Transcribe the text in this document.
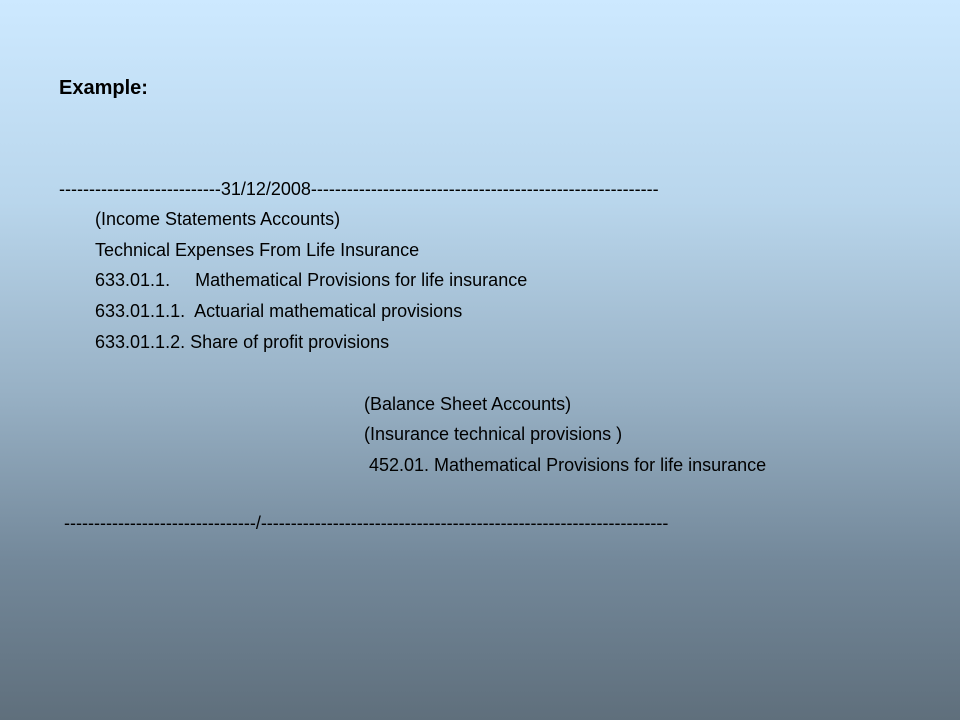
Example:

---------------------------31/12/2008----------------------------------------------------------

(Income Statements Accounts)

Technical Expenses From Life Insurance

633.01.1.     Mathematical Provisions for life insurance

633.01.1.1.  Actuarial mathematical provisions

633.01.1.2. Share of profit provisions

(Balance Sheet Accounts)

(Insurance technical provisions )

452.01. Mathematical Provisions for life insurance

--------------------------------/--------------------------------------------------------------------
